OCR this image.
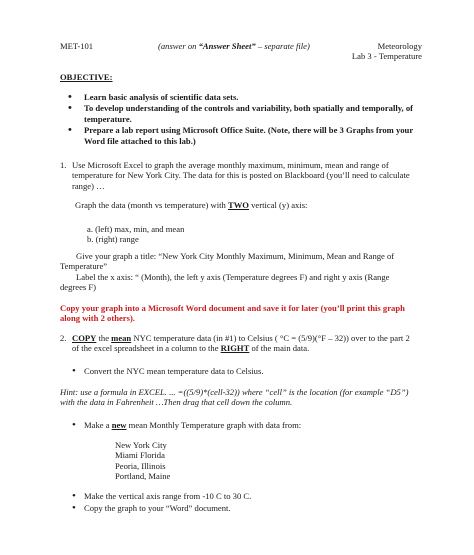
MET-101	(answer on “Answer Sheet” – separate file)	Meteorology
Lab 3 - Temperature
OBJECTIVE:
• Learn basic analysis of scientific data sets.
• To develop understanding of the controls and variability, both spatially and temporally, of temperature.
• Prepare a lab report using Microsoft Office Suite. (Note, there will be 3 Graphs from your Word file attached to this lab.)
1. Use Microsoft Excel to graph the average monthly maximum, minimum, mean and range of temperature for New York City. The data for this is posted on Blackboard (you’ll need to calculate range) …
Graph the data (month vs temperature) with TWO vertical (y) axis:
a. (left) max, min, and mean
b. (right) range
Give your graph a title: “New York City Monthly Maximum, Minimum, Mean and Range of Temperature”
Label the x axis: “ (Month), the left y axis (Temperature degrees F) and right y axis (Range degrees F)
Copy your graph into a Microsoft Word document and save it for later (you’ll print this graph along with 2 others).
2. COPY the mean NYC temperature data (in #1) to Celsius ( °C = (5/9)(°F – 32)) over to the part 2 of the excel spreadsheet in a column to the RIGHT of the main data.
• Convert the NYC mean temperature data to Celsius.
Hint: use a formula in EXCEL. ... =((5/9)*(cell-32)) where “cell” is the location (for example “D5”) with the data in Fahrenheit …Then drag that cell down the column.
• Make a new mean Monthly Temperature graph with data from:
New York City
Miami Florida
Peoria, Illinois
Portland, Maine
• Make the vertical axis range from -10 C to 30 C.
• Copy the graph to your “Word” document.
